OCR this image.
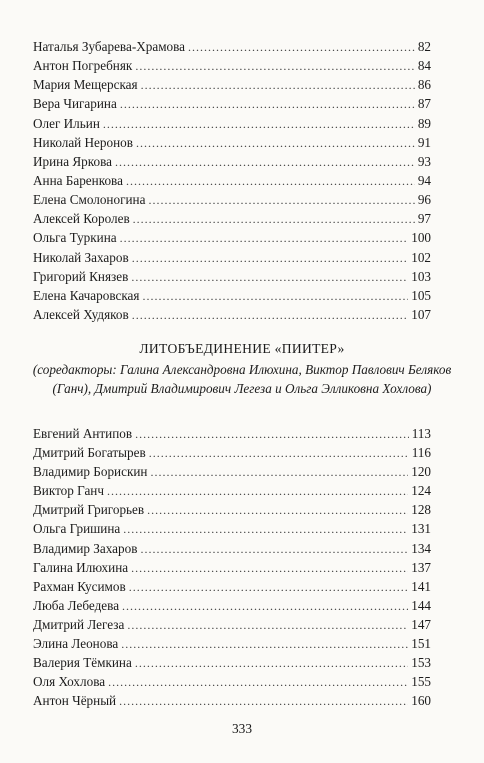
Наталья Зубарева-Храмова . . .	82
Антон Погребняк . . .	84
Мария Мещерская . . .	86
Вера Чигарина . . .	87
Олег Ильин . . .	89
Николай Неронов . . .	91
Ирина Яркова . . .	93
Анна Баренкова . . .	94
Елена Смолоногина . . .	96
Алексей Королев . . .	97
Ольга Туркина . . .	100
Николай Захаров . . .	102
Григорий Князев . . .	103
Елена Качаровская . . .	105
Алексей Худяков . . .	107
ЛИТОБЪЕДИНЕНИЕ «ПИИТЕР»
(соредакторы: Галина Александровна Илюхина, Виктор Павлович Беляков (Ганч), Дмитрий Владимирович Легеза и Ольга Элликовна Хохлова)
Евгений Антипов . . .	113
Дмитрий Богатырев . . .	116
Владимир Борискин . . .	120
Виктор Ганч . . .	124
Дмитрий Григорьев . . .	128
Ольга Гришина . . .	131
Владимир Захаров . . .	134
Галина Илюхина . . .	137
Рахман Кусимов . . .	141
Люба Лебедева . . .	144
Дмитрий Легеза . . .	147
Элина Леонова . . .	151
Валерия Тёмкина . . .	153
Оля Хохлова . . .	155
Антон Чёрный . . .	160
333
